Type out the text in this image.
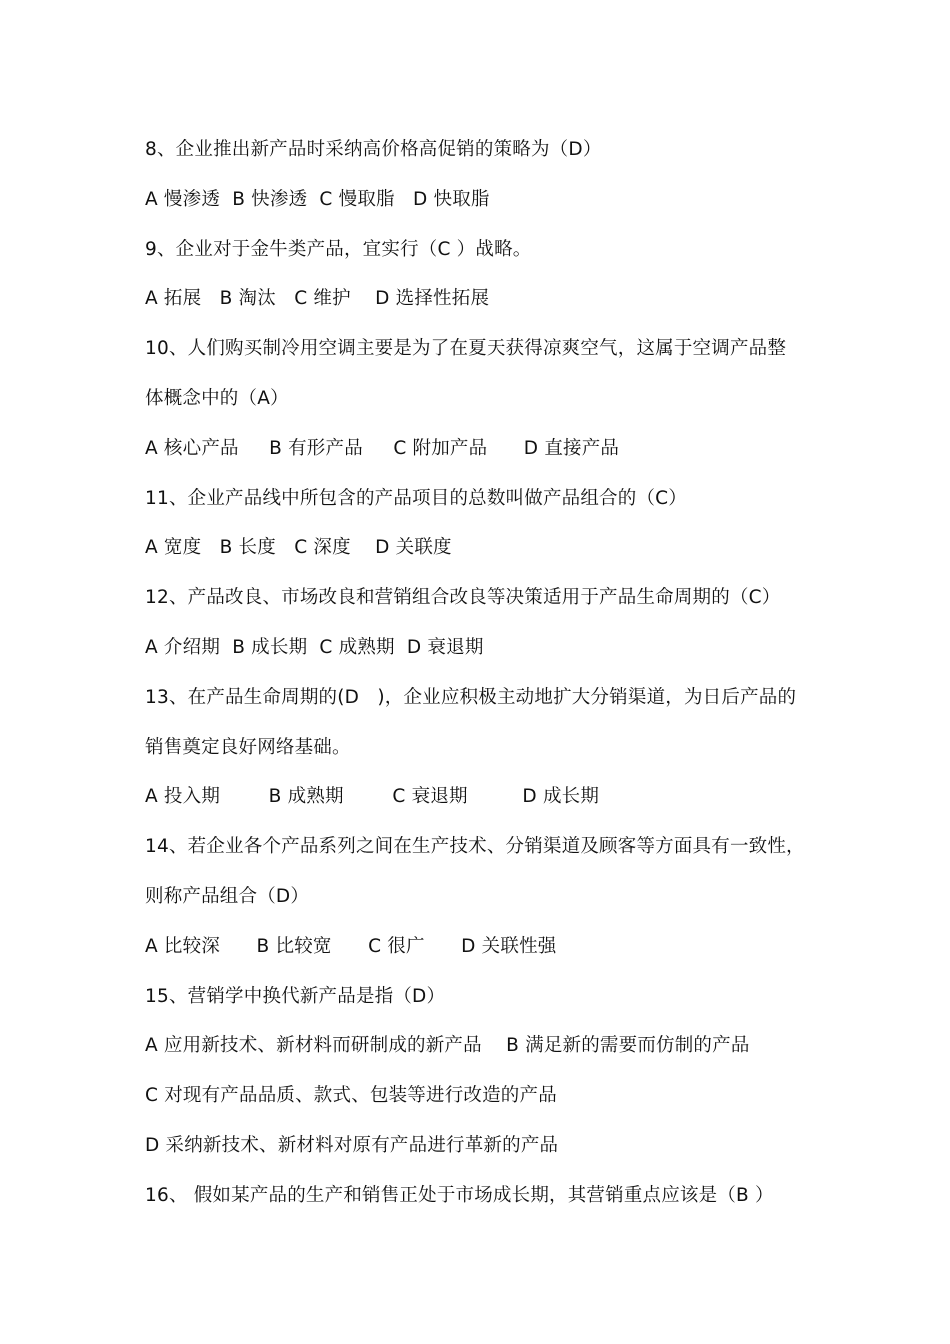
8、企业推出新产品时采纳高价格高促销的策略为（D）
A 慢渗透  B 快渗透  C 慢取脂   D 快取脂
9、企业对于金牛类产品，宜实行（C ）战略。
A 拓展   B 淘汰   C 维护    D 选择性拓展
10、人们购买制冷用空调主要是为了在夏天获得凉爽空气，这属于空调产品整
体概念中的（A）
A 核心产品     B 有形产品     C 附加产品      D 直接产品
11、企业产品线中所包含的产品项目的总数叫做产品组合的（C）
A 宽度   B 长度   C 深度    D 关联度
12、产品改良、市场改良和营销组合改良等决策适用于产品生命周期的（C）
A 介绍期  B 成长期  C 成熟期  D 衰退期
13、在产品生命周期的(D   )，企业应积极主动地扩大分销渠道，为日后产品的
销售奠定良好网络基础。
A 投入期        B 成熟期        C 衰退期         D 成长期
14、若企业各个产品系列之间在生产技术、分销渠道及顾客等方面具有一致性，
则称产品组合（D）
A 比较深      B 比较宽      C 很广      D 关联性强
15、营销学中换代新产品是指（D）
A 应用新技术、新材料而研制成的新产品    B 满足新的需要而仿制的产品
C 对现有产品品质、款式、包装等进行改造的产品
D 采纳新技术、新材料对原有产品进行革新的产品
16、 假如某产品的生产和销售正处于市场成长期，其营销重点应该是（B ）
